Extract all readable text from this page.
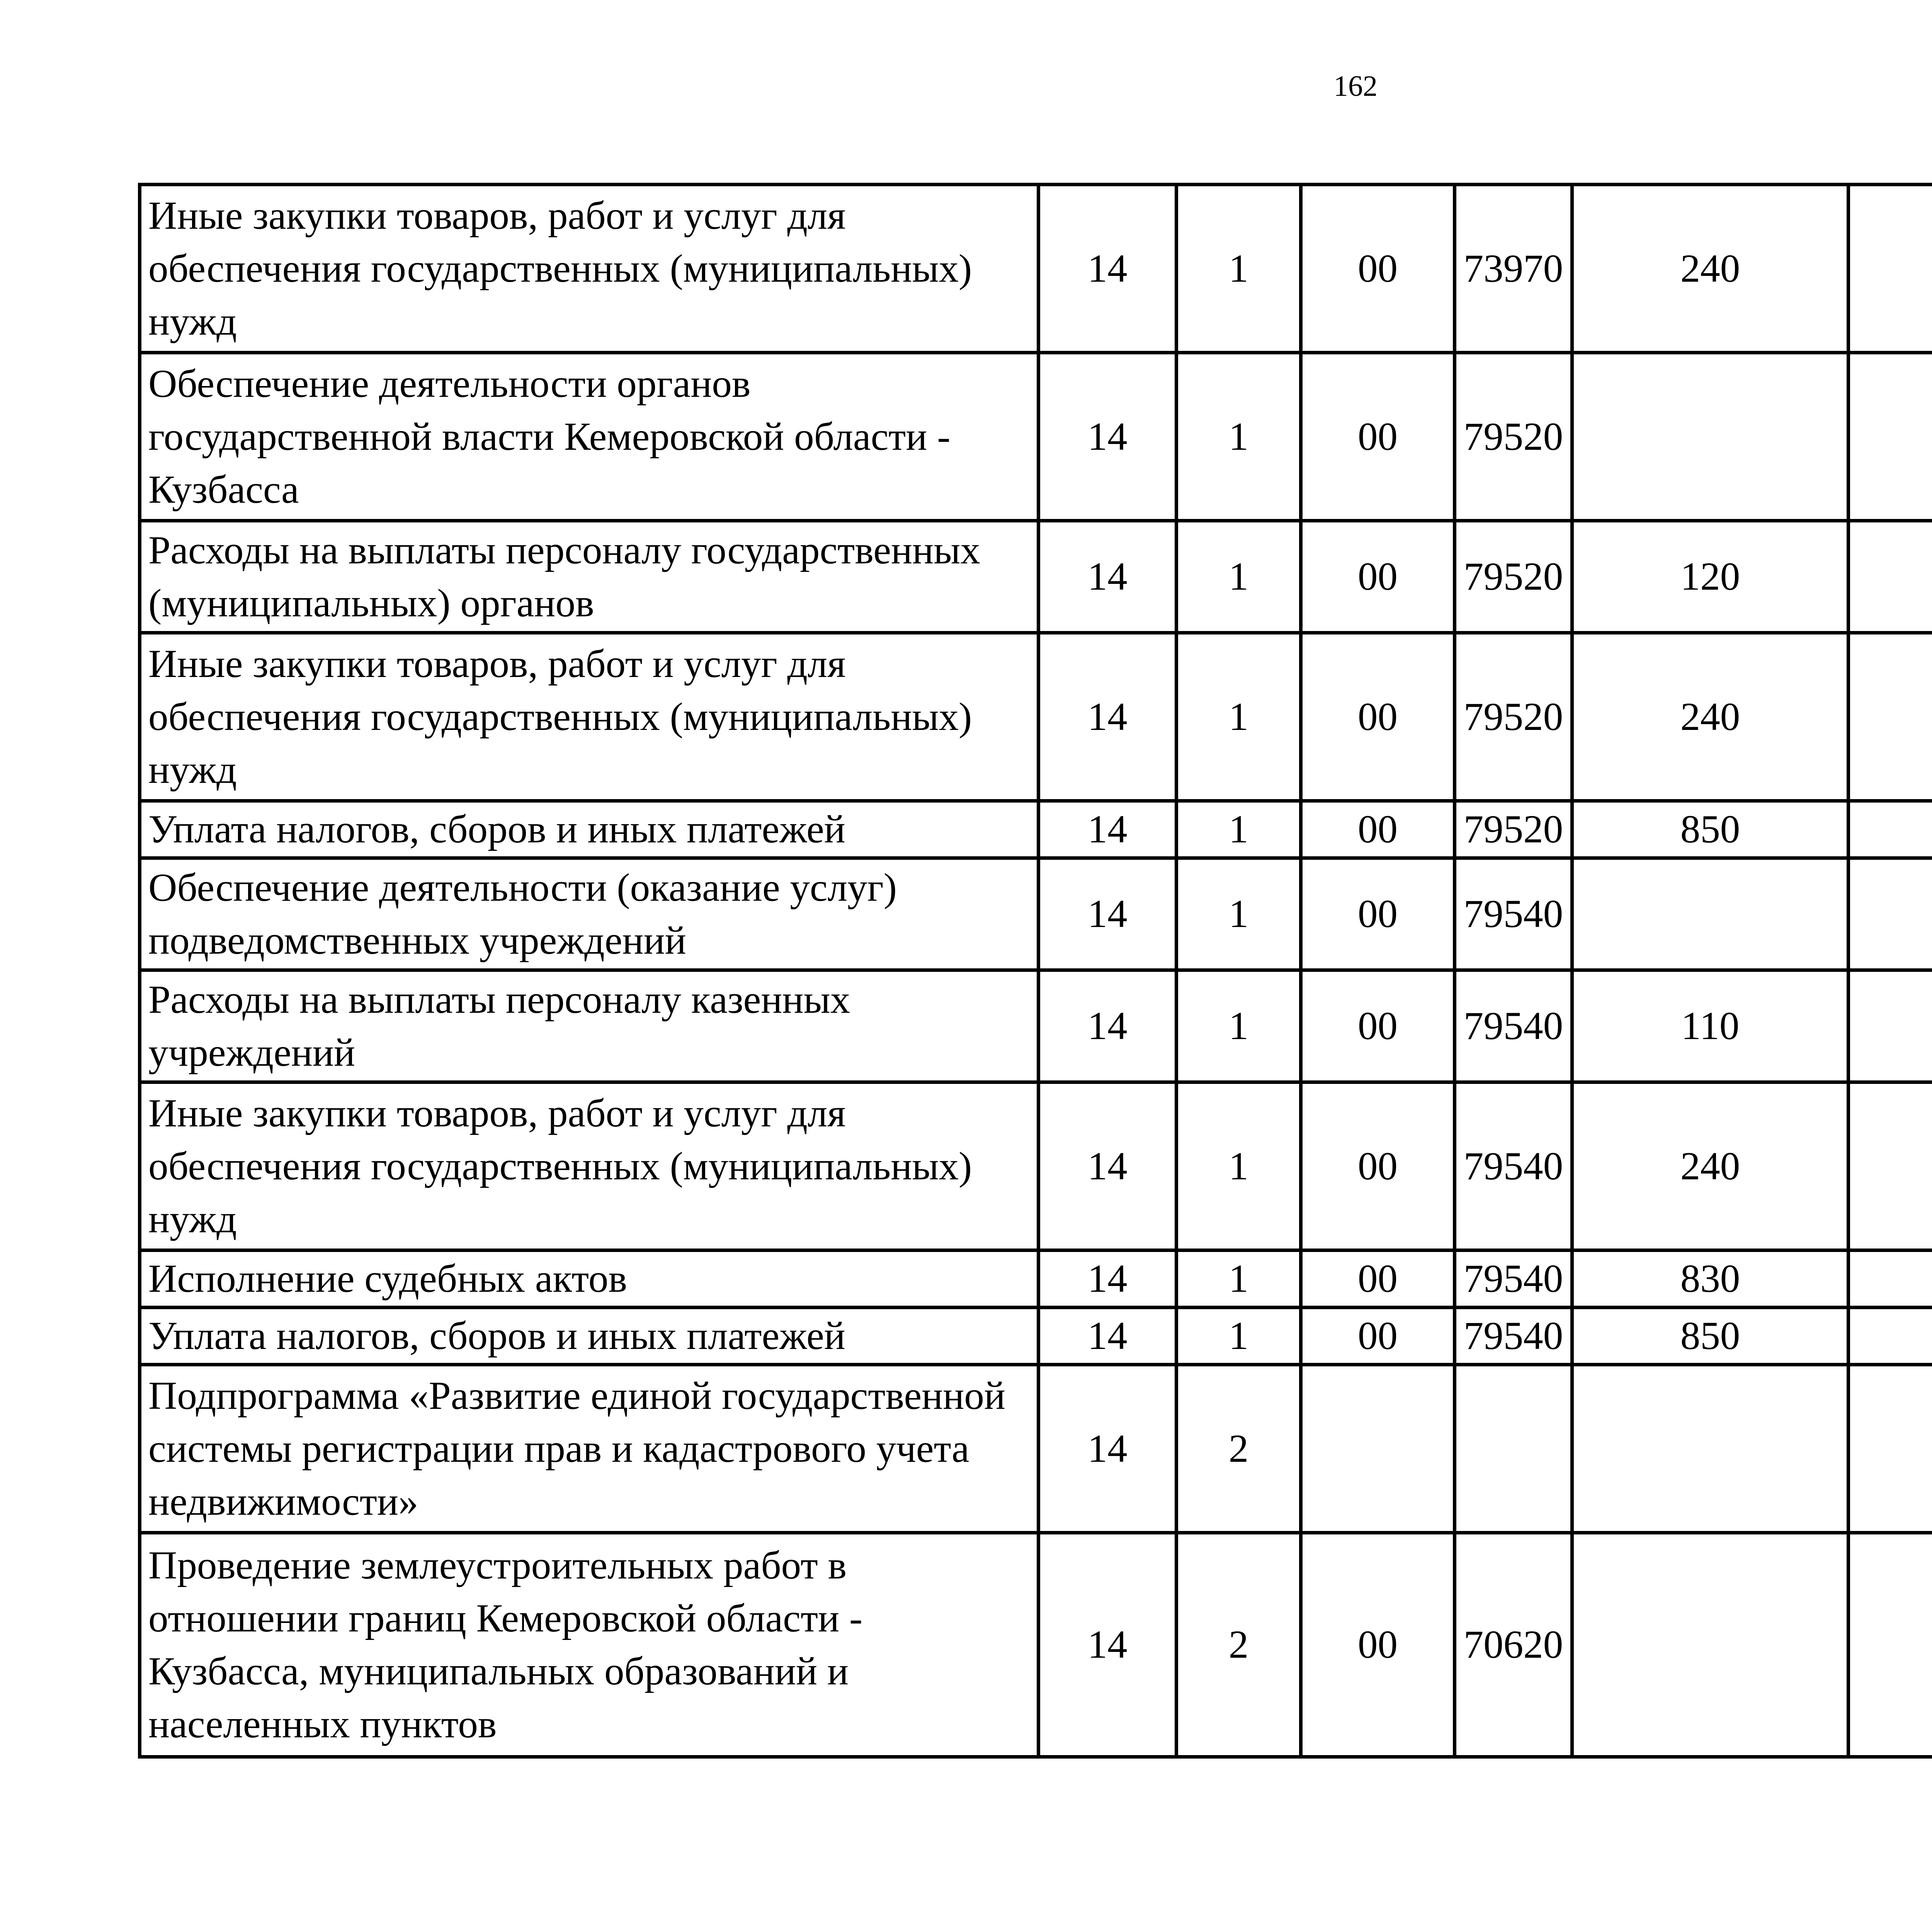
162
Иные закупки товаров, работ и услуг для обеспечения государственных (муниципальных) нужд	14	1	00	73970	240			
Обеспечение деятельности органов государственной власти Кемеровской области - Кузбасса	14	1	00	79520				
Расходы на выплаты персоналу государственных (муниципальных) органов	14	1	00	79520	120			
Иные закупки товаров, работ и услуг для обеспечения государственных (муниципальных) нужд	14	1	00	79520	240			
Уплата налогов, сборов и иных платежей	14	1	00	79520	850			
Обеспечение деятельности (оказание услуг) подведомственных учреждений	14	1	00	79540				
Расходы на выплаты персоналу казенных учреждений	14	1	00	79540	110			
Иные закупки товаров, работ и услуг для обеспечения государственных (муниципальных) нужд	14	1	00	79540	240			
Исполнение судебных актов	14	1	00	79540	830			
Уплата налогов, сборов и иных платежей	14	1	00	79540	850			
Подпрограмма «Развитие единой государственной системы регистрации прав и кадастрового учета недвижимости»	14	2						
Проведение землеустроительных работ в отношении границ Кемеровской области - Кузбасса, муниципальных образований и населенных пунктов	14	2	00	70620				
